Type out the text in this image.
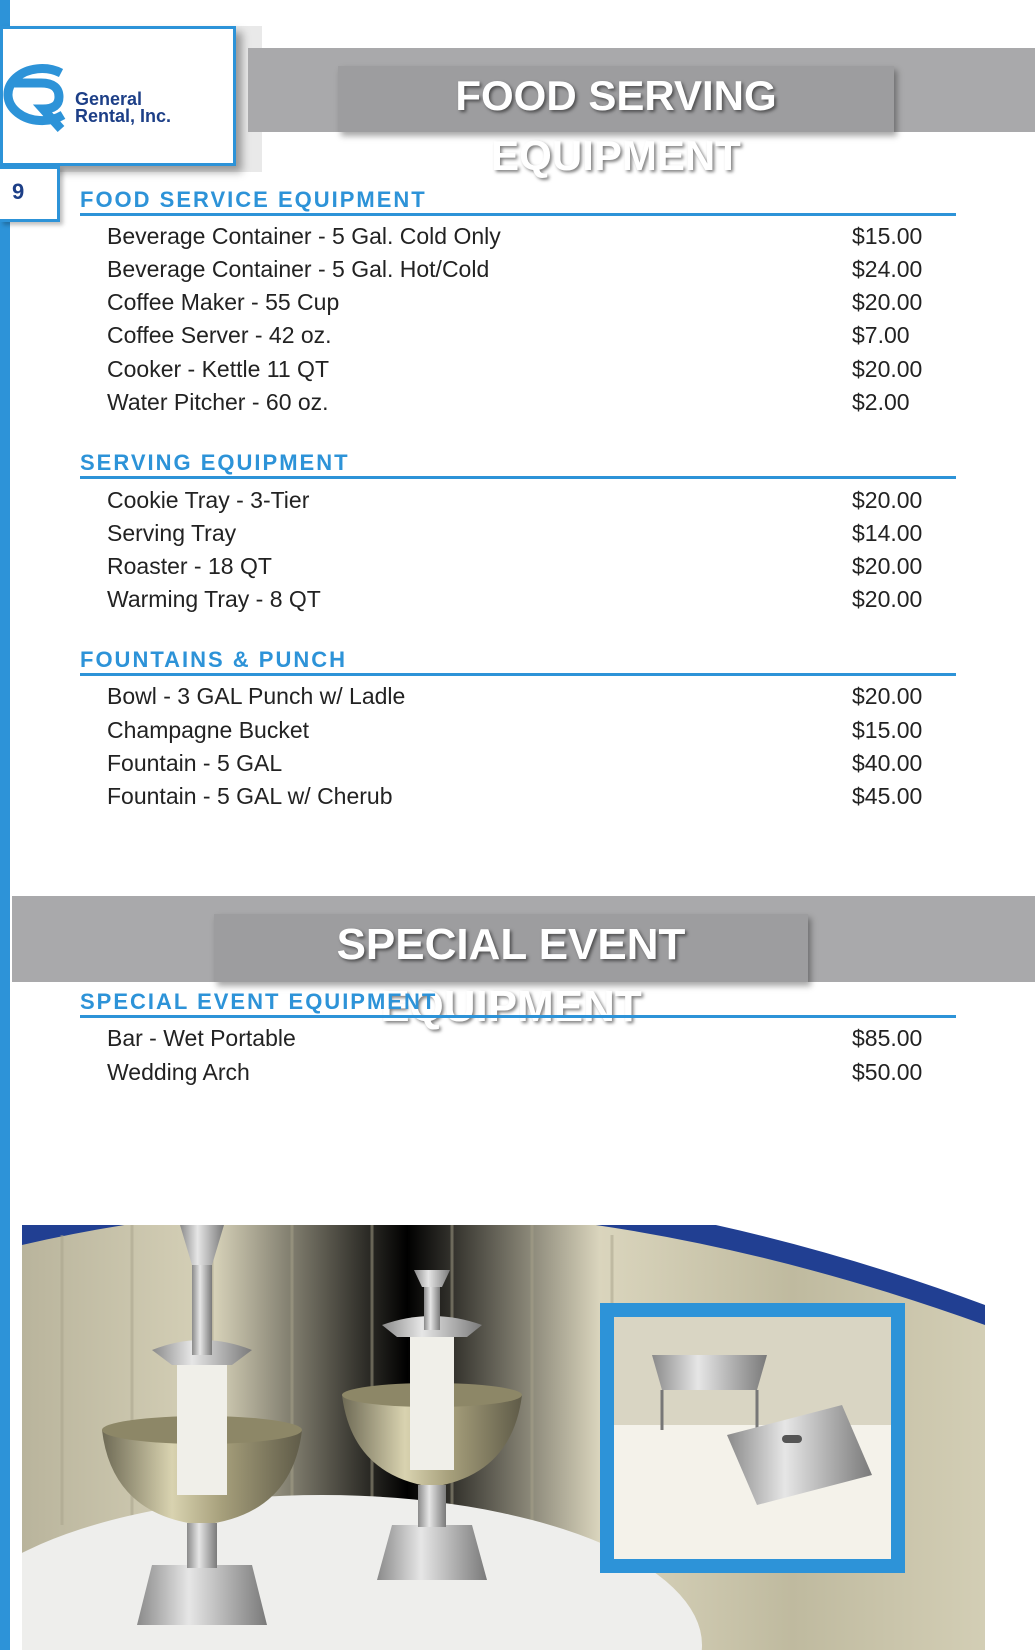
General
Rental, Inc.
9
FOOD SERVING EQUIPMENT
FOOD SERVICE EQUIPMENT
Beverage Container - 5 Gal. Cold Only	$15.00
Beverage Container - 5 Gal. Hot/Cold	$24.00
Coffee Maker - 55 Cup	$20.00
Coffee Server - 42 oz.	$7.00
Cooker - Kettle 11 QT	$20.00
Water Pitcher - 60 oz.	$2.00
SERVING EQUIPMENT
Cookie Tray - 3-Tier	$20.00
Serving Tray	$14.00
Roaster - 18 QT	$20.00
Warming Tray - 8 QT	$20.00
FOUNTAINS & PUNCH
Bowl - 3 GAL Punch w/ Ladle	$20.00
Champagne Bucket	$15.00
Fountain - 5 GAL	$40.00
Fountain - 5 GAL w/ Cherub	$45.00
SPECIAL EVENT EQUIPMENT
SPECIAL EVENT EQUIPMENT
Bar - Wet Portable	$85.00
Wedding Arch	$50.00
